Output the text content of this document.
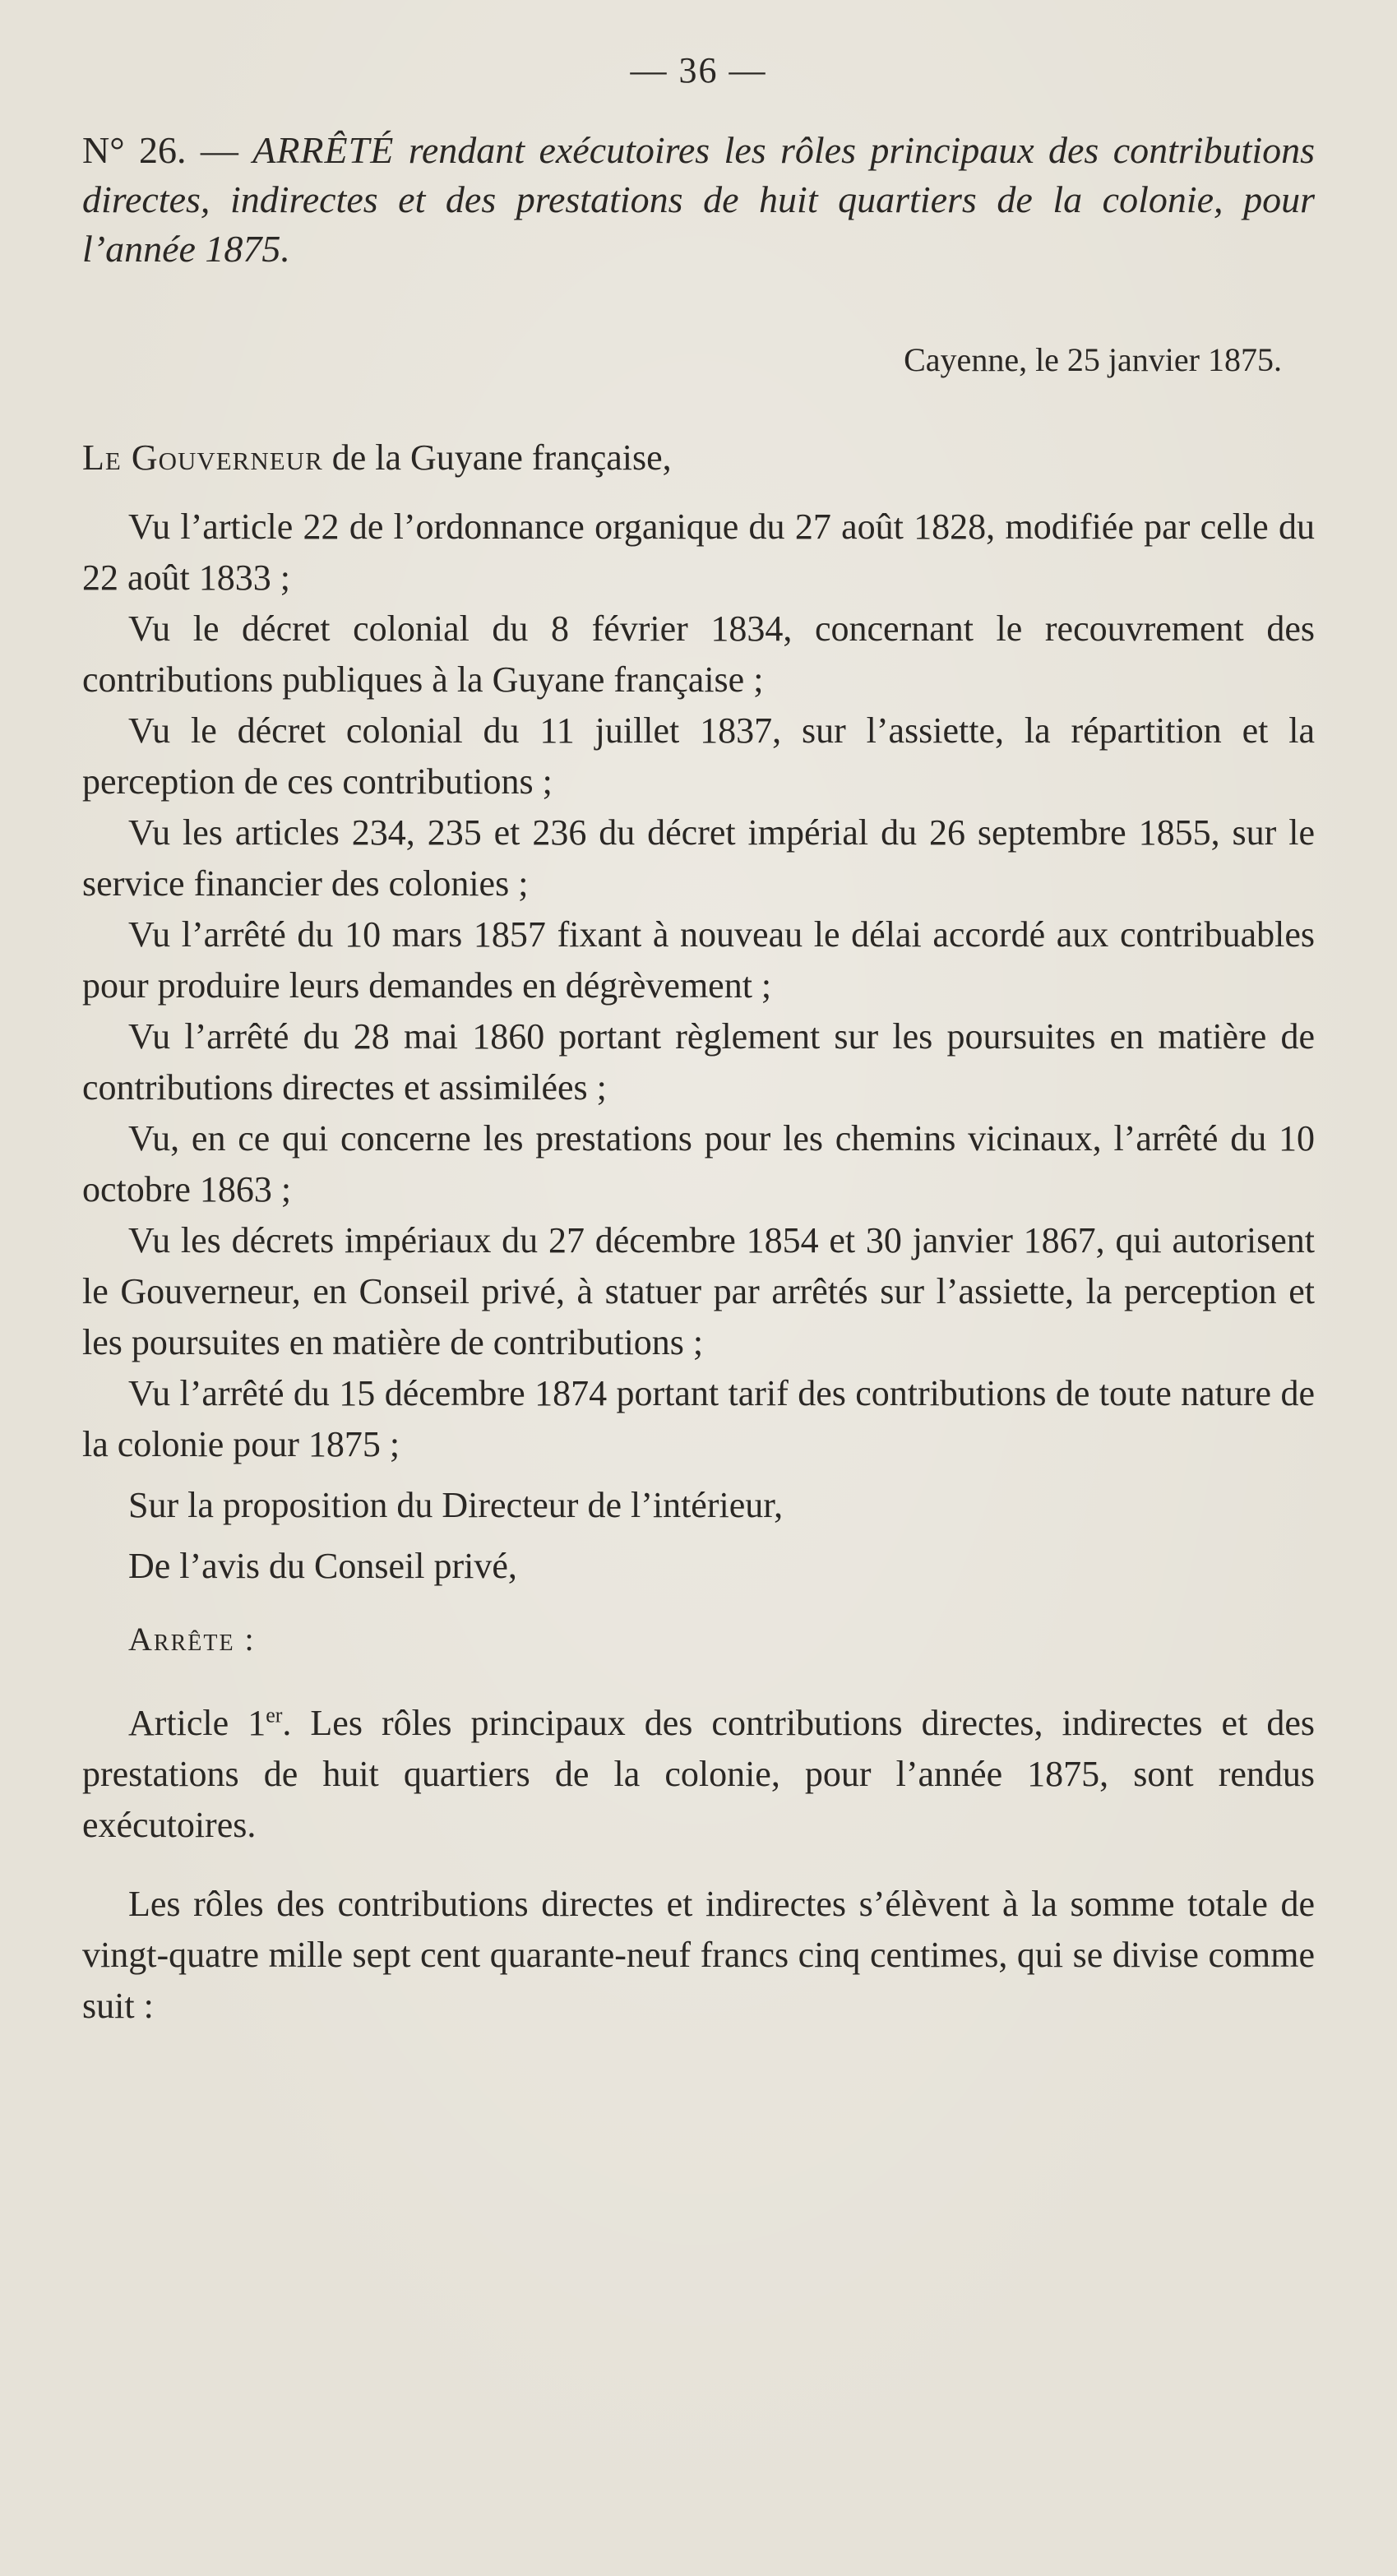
— 36 —

N° 26. — ARRÊTÉ rendant exécutoires les rôles principaux des contributions directes, indirectes et des prestations de huit quartiers de la colonie, pour l’année 1875.

Cayenne, le 25 janvier 1875.

Le Gouverneur de la Guyane française,

Vu l’article 22 de l’ordonnance organique du 27 août 1828, modifiée par celle du 22 août 1833 ;

Vu le décret colonial du 8 février 1834, concernant le recouvrement des contributions publiques à la Guyane française ;

Vu le décret colonial du 11 juillet 1837, sur l’assiette, la répartition et la perception de ces contributions ;

Vu les articles 234, 235 et 236 du décret impérial du 26 septembre 1855, sur le service financier des colonies ;

Vu l’arrêté du 10 mars 1857 fixant à nouveau le délai accordé aux contribuables pour produire leurs demandes en dégrèvement ;

Vu l’arrêté du 28 mai 1860 portant règlement sur les poursuites en matière de contributions directes et assimilées ;

Vu, en ce qui concerne les prestations pour les chemins vicinaux, l’arrêté du 10 octobre 1863 ;

Vu les décrets impériaux du 27 décembre 1854 et 30 janvier 1867, qui autorisent le Gouverneur, en Conseil privé, à statuer par arrêtés sur l’assiette, la perception et les poursuites en matière de contributions ;

Vu l’arrêté du 15 décembre 1874 portant tarif des contributions de toute nature de la colonie pour 1875 ;

Sur la proposition du Directeur de l’intérieur,

De l’avis du Conseil privé,

Arrête :

Article 1er. Les rôles principaux des contributions directes, indirectes et des prestations de huit quartiers de la colonie, pour l’année 1875, sont rendus exécutoires.

Les rôles des contributions directes et indirectes s’élèvent à la somme totale de vingt-quatre mille sept cent quarante-neuf francs cinq centimes, qui se divise comme suit :
